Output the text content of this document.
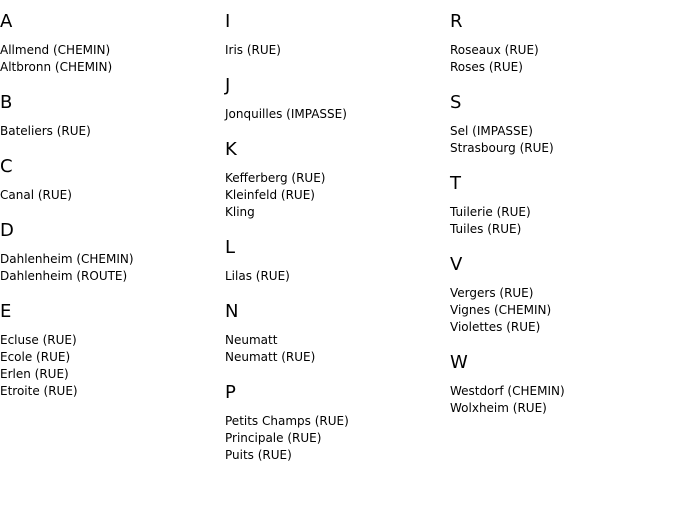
A
Allmend (CHEMIN)
Altbronn (CHEMIN)
B
Bateliers (RUE)
C
Canal (RUE)
D
Dahlenheim (CHEMIN)
Dahlenheim (ROUTE)
E
Ecluse (RUE)
Ecole (RUE)
Erlen (RUE)
Etroite (RUE)
I
Iris (RUE)
J
Jonquilles (IMPASSE)
K
Kefferberg (RUE)
Kleinfeld (RUE)
Kling
L
Lilas (RUE)
N
Neumatt
Neumatt (RUE)
P
Petits Champs (RUE)
Principale (RUE)
Puits (RUE)
R
Roseaux (RUE)
Roses (RUE)
S
Sel (IMPASSE)
Strasbourg (RUE)
T
Tuilerie (RUE)
Tuiles (RUE)
V
Vergers (RUE)
Vignes (CHEMIN)
Violettes (RUE)
W
Westdorf (CHEMIN)
Wolxheim (RUE)
